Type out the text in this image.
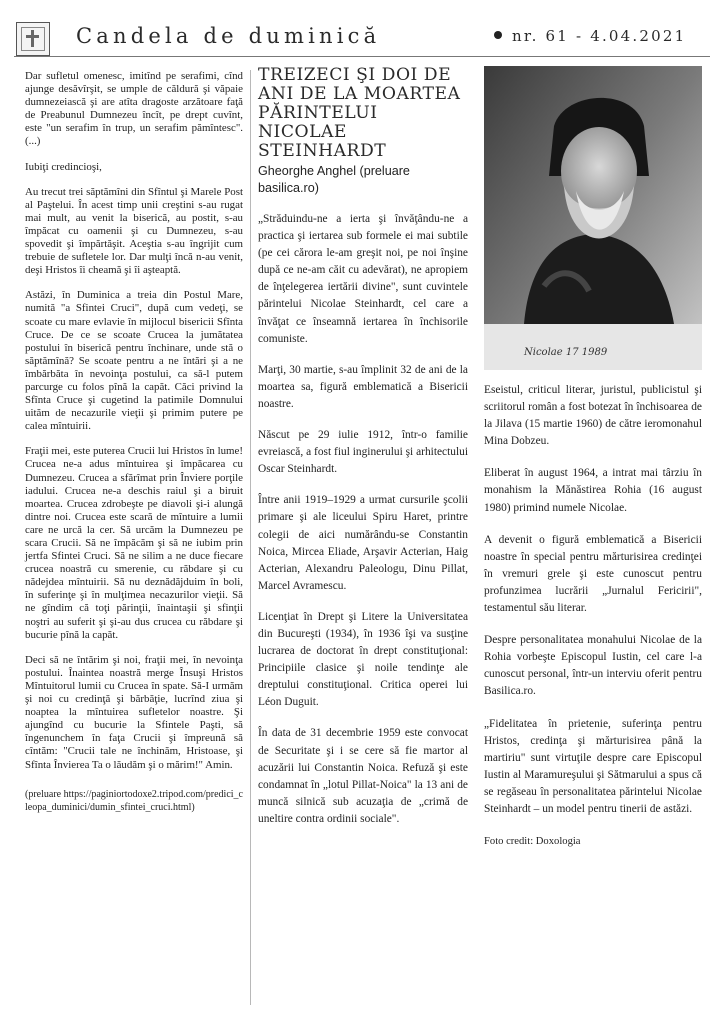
Candela de duminică	nr. 61 - 4.04.2021

Dar sufletul omenesc, imitînd pe serafimi, cînd ajunge desăvîrşit, se umple de căldură şi văpaie dumnezeiască şi are atîta dragoste arzătoare faţă de Preabunul Dumnezeu încît, pe drept cuvînt, este "un serafim în trup, un serafim pămîntesc". (...)

Iubiţi credincioşi,

Au trecut trei săptămîni din Sfîntul şi Marele Post al Paştelui. În acest timp unii creştini s-au rugat mai mult, au venit la biserică, au postit, s-au împăcat cu oamenii şi cu Dumnezeu, s-au spovedit şi împărtăşit. Aceştia s-au îngrijit cum trebuie de sufletele lor. Dar mulţi încă n-au venit, deşi Hristos îi cheamă şi îi aşteaptă.

Astăzi, în Duminica a treia din Postul Mare, numită "a Sfintei Cruci", după cum vedeţi, se scoate cu mare evlavie în mijlocul bisericii Sfînta Cruce. De ce se scoate Crucea la jumătatea postului în biserică pentru închinare, unde stă o săptămînă? Se scoate pentru a ne întări şi a ne îmbărbăta în nevoinţa postului, ca să-l putem parcurge cu folos pînă la capăt. Căci privind la Sfînta Cruce şi cugetind la patimile Domnului uităm de necazurile vieţii şi primim putere pe calea mîntuirii.

Fraţii mei, este puterea Crucii lui Hristos în lume! Crucea ne-a adus mîntuirea şi împăcarea cu Dumnezeu. Crucea a sfărîmat prin Înviere porţile iadului. Crucea ne-a deschis raiul şi a biruit moartea. Crucea zdrobeşte pe diavoli şi-i alungă dintre noi. Crucea este scară de mîntuire a lumii care ne urcă la cer. Să urcăm la Dumnezeu pe scara Crucii. Să ne împăcăm şi să ne iubim prin jertfa Sfintei Cruci. Să ne silim a ne duce fiecare crucea noastră cu smerenie, cu răbdare şi cu nădejdea mîntuirii. Să nu deznădăjduim în boli, în suferinţe şi în mulţimea necazurilor vieţii. Să ne gîndim că toţi părinţii, înaintaşii şi sfinţii noştri au suferit şi şi-au dus crucea cu răbdare şi bucurie pînă la capăt.

Deci să ne întărim şi noi, fraţii mei, în nevoinţa postului. Înaintea noastră merge Însuşi Hristos Mîntuitorul lumii cu Crucea în spate. Să-I urmăm şi noi cu credinţă şi bărbăţie, lucrînd ziua şi noaptea la mîntuirea sufletelor noastre. Şi ajungînd cu bucurie la Sfintele Paşti, să îngenunchem în faţa Crucii şi împreună să cîntăm: "Crucii tale ne închinăm, Hristoase, şi Sfînta Învierea Ta o lăudăm şi o mărim!" Amin.

(preluare https://paginiortodoxe2.tripod.com/predici_cleopa_duminici/dumin_sfintei_cruci.html)

TREIZECI ŞI DOI DE ANI DE LA MOARTEA PĂRINTELUI NICOLAE STEINHARDT
Gheorghe Anghel (preluare basilica.ro)

„Străduindu-ne a ierta şi învăţându-ne a practica şi iertarea sub formele ei mai subtile (pe cei cărora le-am greşit noi, pe noi înşine după ce ne-am căit cu adevărat), ne apropiem de înţelegerea iertării divine", sunt cuvintele părintelui Nicolae Steinhardt, cel care a învăţat ce înseamnă iertarea în închisorile comuniste.

Marţi, 30 martie, s-au împlinit 32 de ani de la moartea sa, figură emblematică a Bisericii noastre.

Născut pe 29 iulie 1912, într-o familie evreiască, a fost fiul inginerului şi arhitectului Oscar Steinhardt.

Între anii 1919–1929 a urmat cursurile şcolii primare şi ale liceului Spiru Haret, printre colegii de aici numărându-se Constantin Noica, Mircea Eliade, Arşavir Acterian, Haig Acterian, Alexandru Paleologu, Dinu Pillat, Marcel Avramescu.

Licenţiat în Drept şi Litere la Universitatea din Bucureşti (1934), în 1936 îşi va susţine lucrarea de doctorat în drept constituţional: Principiile clasice şi noile tendinţe ale dreptului constituţional. Critica operei lui Léon Duguit.

În data de 31 decembrie 1959 este convocat de Securitate şi i se cere să fie martor al acuzării lui Constantin Noica. Refuză şi este condamnat în „lotul Pillat-Noica" la 13 ani de muncă silnică sub acuzaţia de „crimă de uneltire contra ordinii sociale".

Nicolae 17 1989

Eseistul, criticul literar, juristul, publicistul şi scriitorul român a fost botezat în închisoarea de la Jilava (15 martie 1960) de către ieromonahul Mina Dobzeu.

Eliberat în august 1964, a intrat mai târziu în monahism la Mănăstirea Rohia (16 august 1980) primind numele Nicolae.

A devenit o figură emblematică a Bisericii noastre în special pentru mărturisirea credinţei în vremuri grele şi este cunoscut pentru profunzimea lucrării „Jurnalul Fericirii", testamentul său literar.

Despre personalitatea monahului Nicolae de la Rohia vorbeşte Episcopul Iustin, cel care l-a cunoscut personal, într-un interviu oferit pentru Basilica.ro.

„Fidelitatea în prietenie, suferinţa pentru Hristos, credinţa şi mărturisirea până la martiriu" sunt virtuţile despre care Episcopul Iustin al Maramureşului şi Sătmarului a spus că se regăseau în personalitatea părintelui Nicolae Steinhardt – un model pentru tinerii de astăzi.

Foto credit: Doxologia
